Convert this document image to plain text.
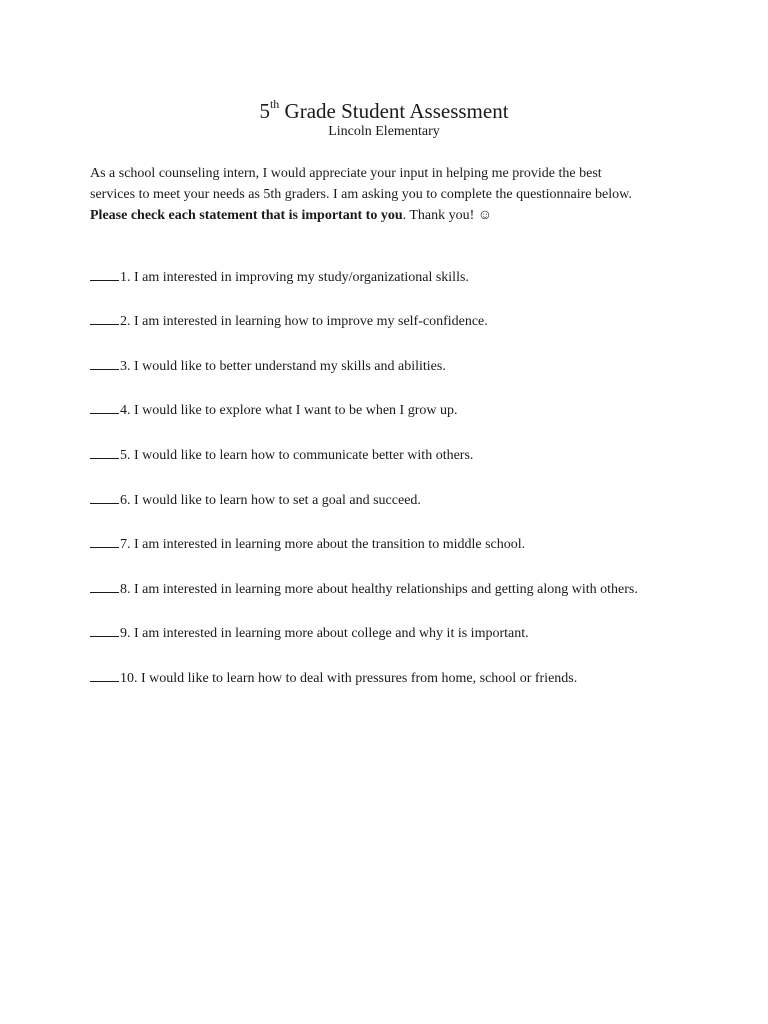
5th Grade Student Assessment
Lincoln Elementary
As a school counseling intern, I would appreciate your input in helping me provide the best
services to meet your needs as 5th graders. I am asking you to complete the questionnaire below.
Please check each statement that is important to you. Thank you! ☺
1. I am interested in improving my study/organizational skills.
2. I am interested in learning how to improve my self-confidence.
3. I would like to better understand my skills and abilities.
4. I would like to explore what I want to be when I grow up.
5. I would like to learn how to communicate better with others.
6. I would like to learn how to set a goal and succeed.
7. I am interested in learning more about the transition to middle school.
8. I am interested in learning more about healthy relationships and getting along with others.
9. I am interested in learning more about college and why it is important.
10. I would like to learn how to deal with pressures from home, school or friends.
